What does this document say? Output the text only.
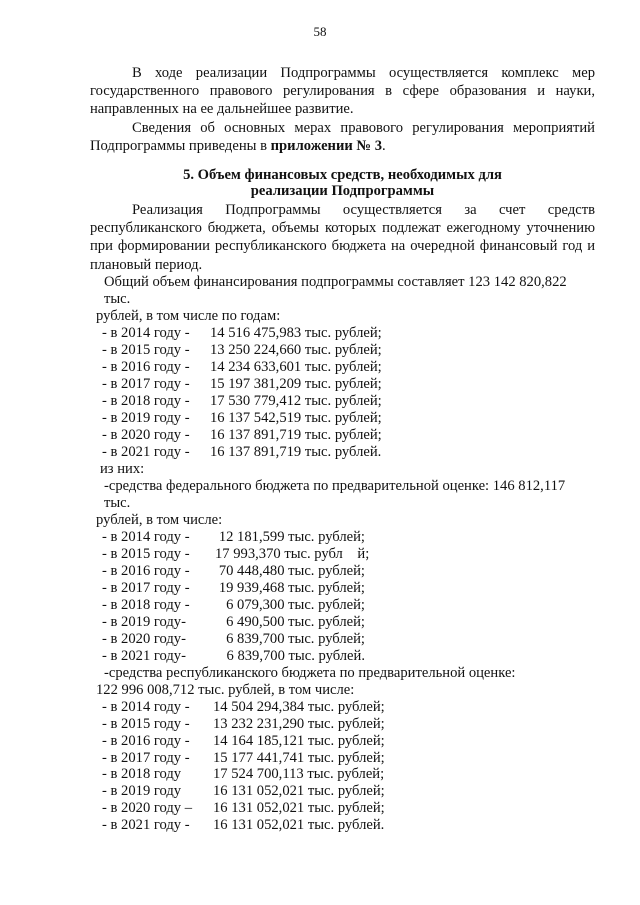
58

В ходе реализации Подпрограммы осуществляется комплекс мер государственного правового регулирования в сфере образования и науки, направленных на ее дальнейшее развитие.

Сведения об основных мерах правового регулирования мероприятий Подпрограммы приведены в приложении № 3.

5. Объем финансовых средств, необходимых для
реализации Подпрограммы

Реализация Подпрограммы осуществляется за счет средств республиканского бюджета, объемы которых подлежат ежегодному уточнению при формировании республиканского бюджета на очередной финансовый год и плановый период.

Общий объем финансирования подпрограммы составляет 123 142 820,822 тыс.

рублей, в том числе по годам:

- в 2014 году -	14 516 475,983 тыс. рублей;
- в 2015 году -	13 250 224,660 тыс. рублей;
- в 2016 году -	14 234 633,601 тыс. рублей;
- в 2017 году -	15 197 381,209 тыс. рублей;
- в 2018 году -	17 530 779,412 тыс. рублей;
- в 2019 году -	16 137 542,519 тыс. рублей;
- в 2020 году -	16 137 891,719 тыс. рублей;
- в 2021 году -	16 137 891,719 тыс. рублей.

из них:

-средства федерального бюджета по предварительной оценке: 146 812,117 тыс.

рублей, в том числе:

- в 2014 году -	12 181,599 тыс. рублей;
- в 2015 году -	17 993,370 тыс. рубл    й;
- в 2016 году -	70 448,480 тыс. рублей;
- в 2017 году -	19 939,468 тыс. рублей;
- в 2018 году -	6 079,300 тыс. рублей;
- в 2019 году-	6 490,500 тыс. рублей;
- в 2020 году-	6 839,700 тыс. рублей;
- в 2021 году-	6 839,700 тыс. рублей.

-средства республиканского бюджета по предварительной оценке:

122 996 008,712 тыс. рублей, в том числе:

- в 2014 году -	14 504 294,384 тыс. рублей;
- в 2015 году -	13 232 231,290 тыс. рублей;
- в 2016 году -	14 164 185,121 тыс. рублей;
- в 2017 году -	15 177 441,741 тыс. рублей;
- в 2018 году	17 524 700,113 тыс. рублей;
- в 2019 году	16 131 052,021 тыс. рублей;
- в 2020 году –	16 131 052,021 тыс. рублей;
- в 2021 году -	16 131 052,021 тыс. рублей.
